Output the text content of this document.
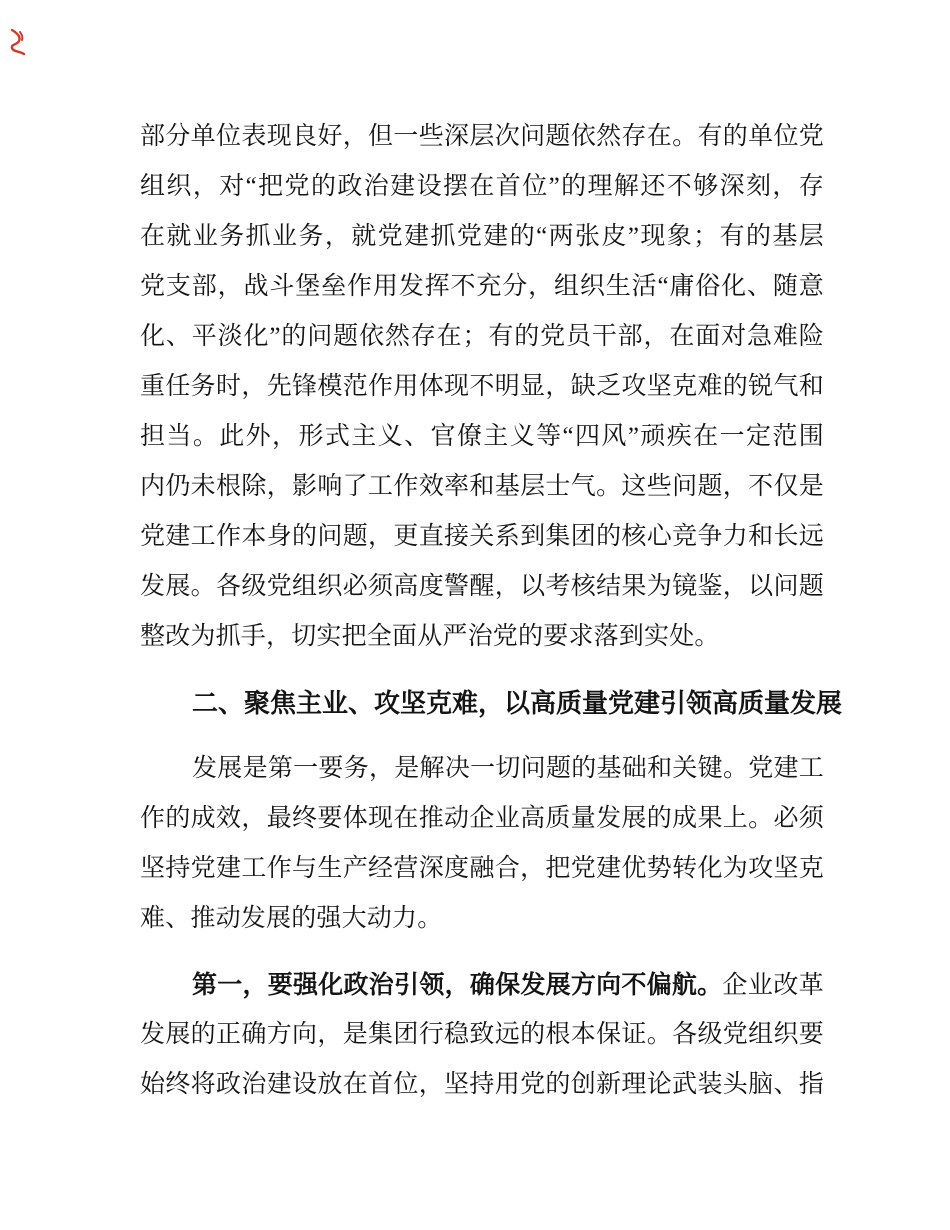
部分单位表现良好，但一些深层次问题依然存在。有的单位党
组织，对“把党的政治建设摆在首位”的理解还不够深刻，存
在就业务抓业务，就党建抓党建的“两张皮”现象；有的基层
党支部，战斗堡垒作用发挥不充分，组织生活“庸俗化、随意
化、平淡化”的问题依然存在；有的党员干部，在面对急难险
重任务时，先锋模范作用体现不明显，缺乏攻坚克难的锐气和
担当。此外，形式主义、官僚主义等“四风”顽疾在一定范围
内仍未根除，影响了工作效率和基层士气。这些问题，不仅是
党建工作本身的问题，更直接关系到集团的核心竞争力和长远
发展。各级党组织必须高度警醒，以考核结果为镜鉴，以问题
整改为抓手，切实把全面从严治党的要求落到实处。
二、聚焦主业、攻坚克难，以高质量党建引领高质量发展
发展是第一要务，是解决一切问题的基础和关键。党建工
作的成效，最终要体现在推动企业高质量发展的成果上。必须
坚持党建工作与生产经营深度融合，把党建优势转化为攻坚克
难、推动发展的强大动力。
第一，要强化政治引领，确保发展方向不偏航。企业改革
发展的正确方向，是集团行稳致远的根本保证。各级党组织要
始终将政治建设放在首位，坚持用党的创新理论武装头脑、指
